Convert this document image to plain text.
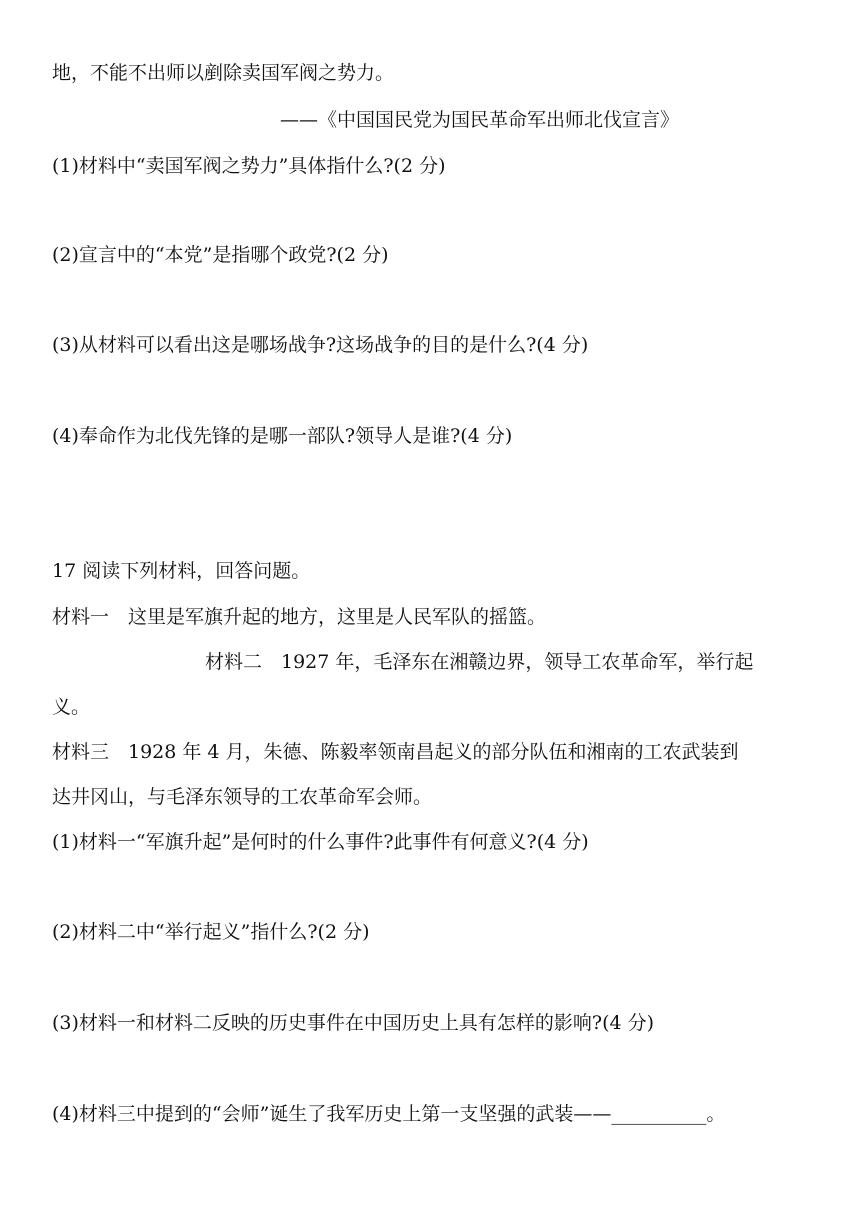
地，不能不出师以剷除卖国军阀之势力。
——《中国国民党为国民革命军出师北伐宣言》
(1)材料中“卖国军阀之势力”具体指什么?(2 分)
(2)宣言中的“本党”是指哪个政党?(2 分)
(3)从材料可以看出这是哪场战争?这场战争的目的是什么?(4 分)
(4)奉命作为北伐先锋的是哪一部队?领导人是谁?(4 分)
17 阅读下列材料，回答问题。
材料一　这里是军旗升起的地方，这里是人民军队的摇篮。
材料二　1927 年，毛泽东在湘赣边界，领导工农革命军，举行起
义。
材料三　1928 年 4 月，朱德、陈毅率领南昌起义的部分队伍和湘南的工农武装到
达井冈山，与毛泽东领导的工农革命军会师。
(1)材料一“军旗升起”是何时的什么事件?此事件有何意义?(4 分)
(2)材料二中“举行起义”指什么?(2 分)
(3)材料一和材料二反映的历史事件在中国历史上具有怎样的影响?(4 分)
(4)材料三中提到的“会师”诞生了我军历史上第一支坚强的武装——__________。
